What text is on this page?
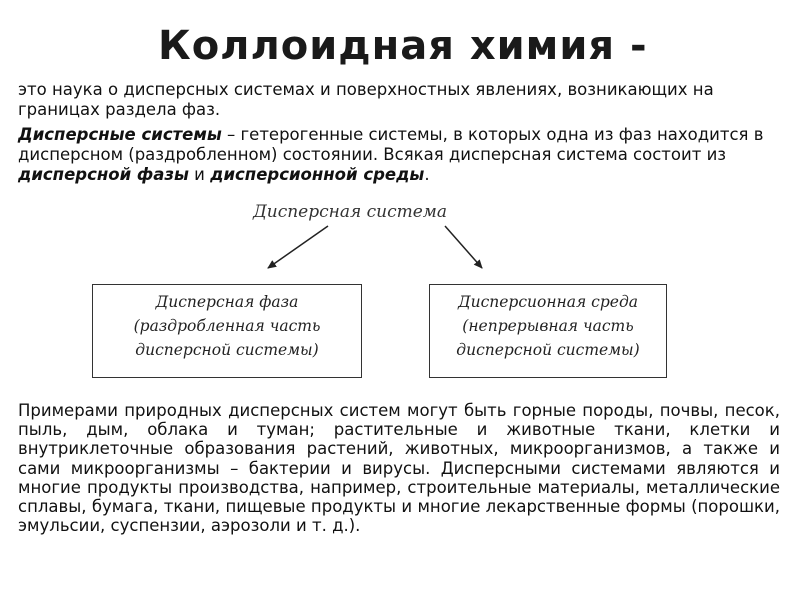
Коллоидная химия -

это наука о дисперсных системах и поверхностных явлениях, возникающих на границах раздела фаз.

Дисперсные системы – гетерогенные системы, в которых одна из фаз находится в дисперсном (раздробленном) состоянии. Всякая дисперсная система состоит из дисперсной фазы и дисперсионной среды.

Дисперсная система
Дисперсная фаза
(раздробленная часть
дисперсной системы)
Дисперсионная среда
(непрерывная часть
дисперсной системы)

Примерами природных дисперсных систем могут быть горные породы, почвы, песок, пыль, дым, облака и туман; растительные и животные ткани, клетки и внутриклеточные образования растений, животных, микроорганизмов, а также и сами микроорганизмы – бактерии и вирусы. Дисперсными системами являются и многие продукты производства, например, строительные материалы, металлические сплавы, бумага, ткани, пищевые продукты и многие лекарственные формы (порошки, эмульсии, суспензии, аэрозоли и т. д.).
